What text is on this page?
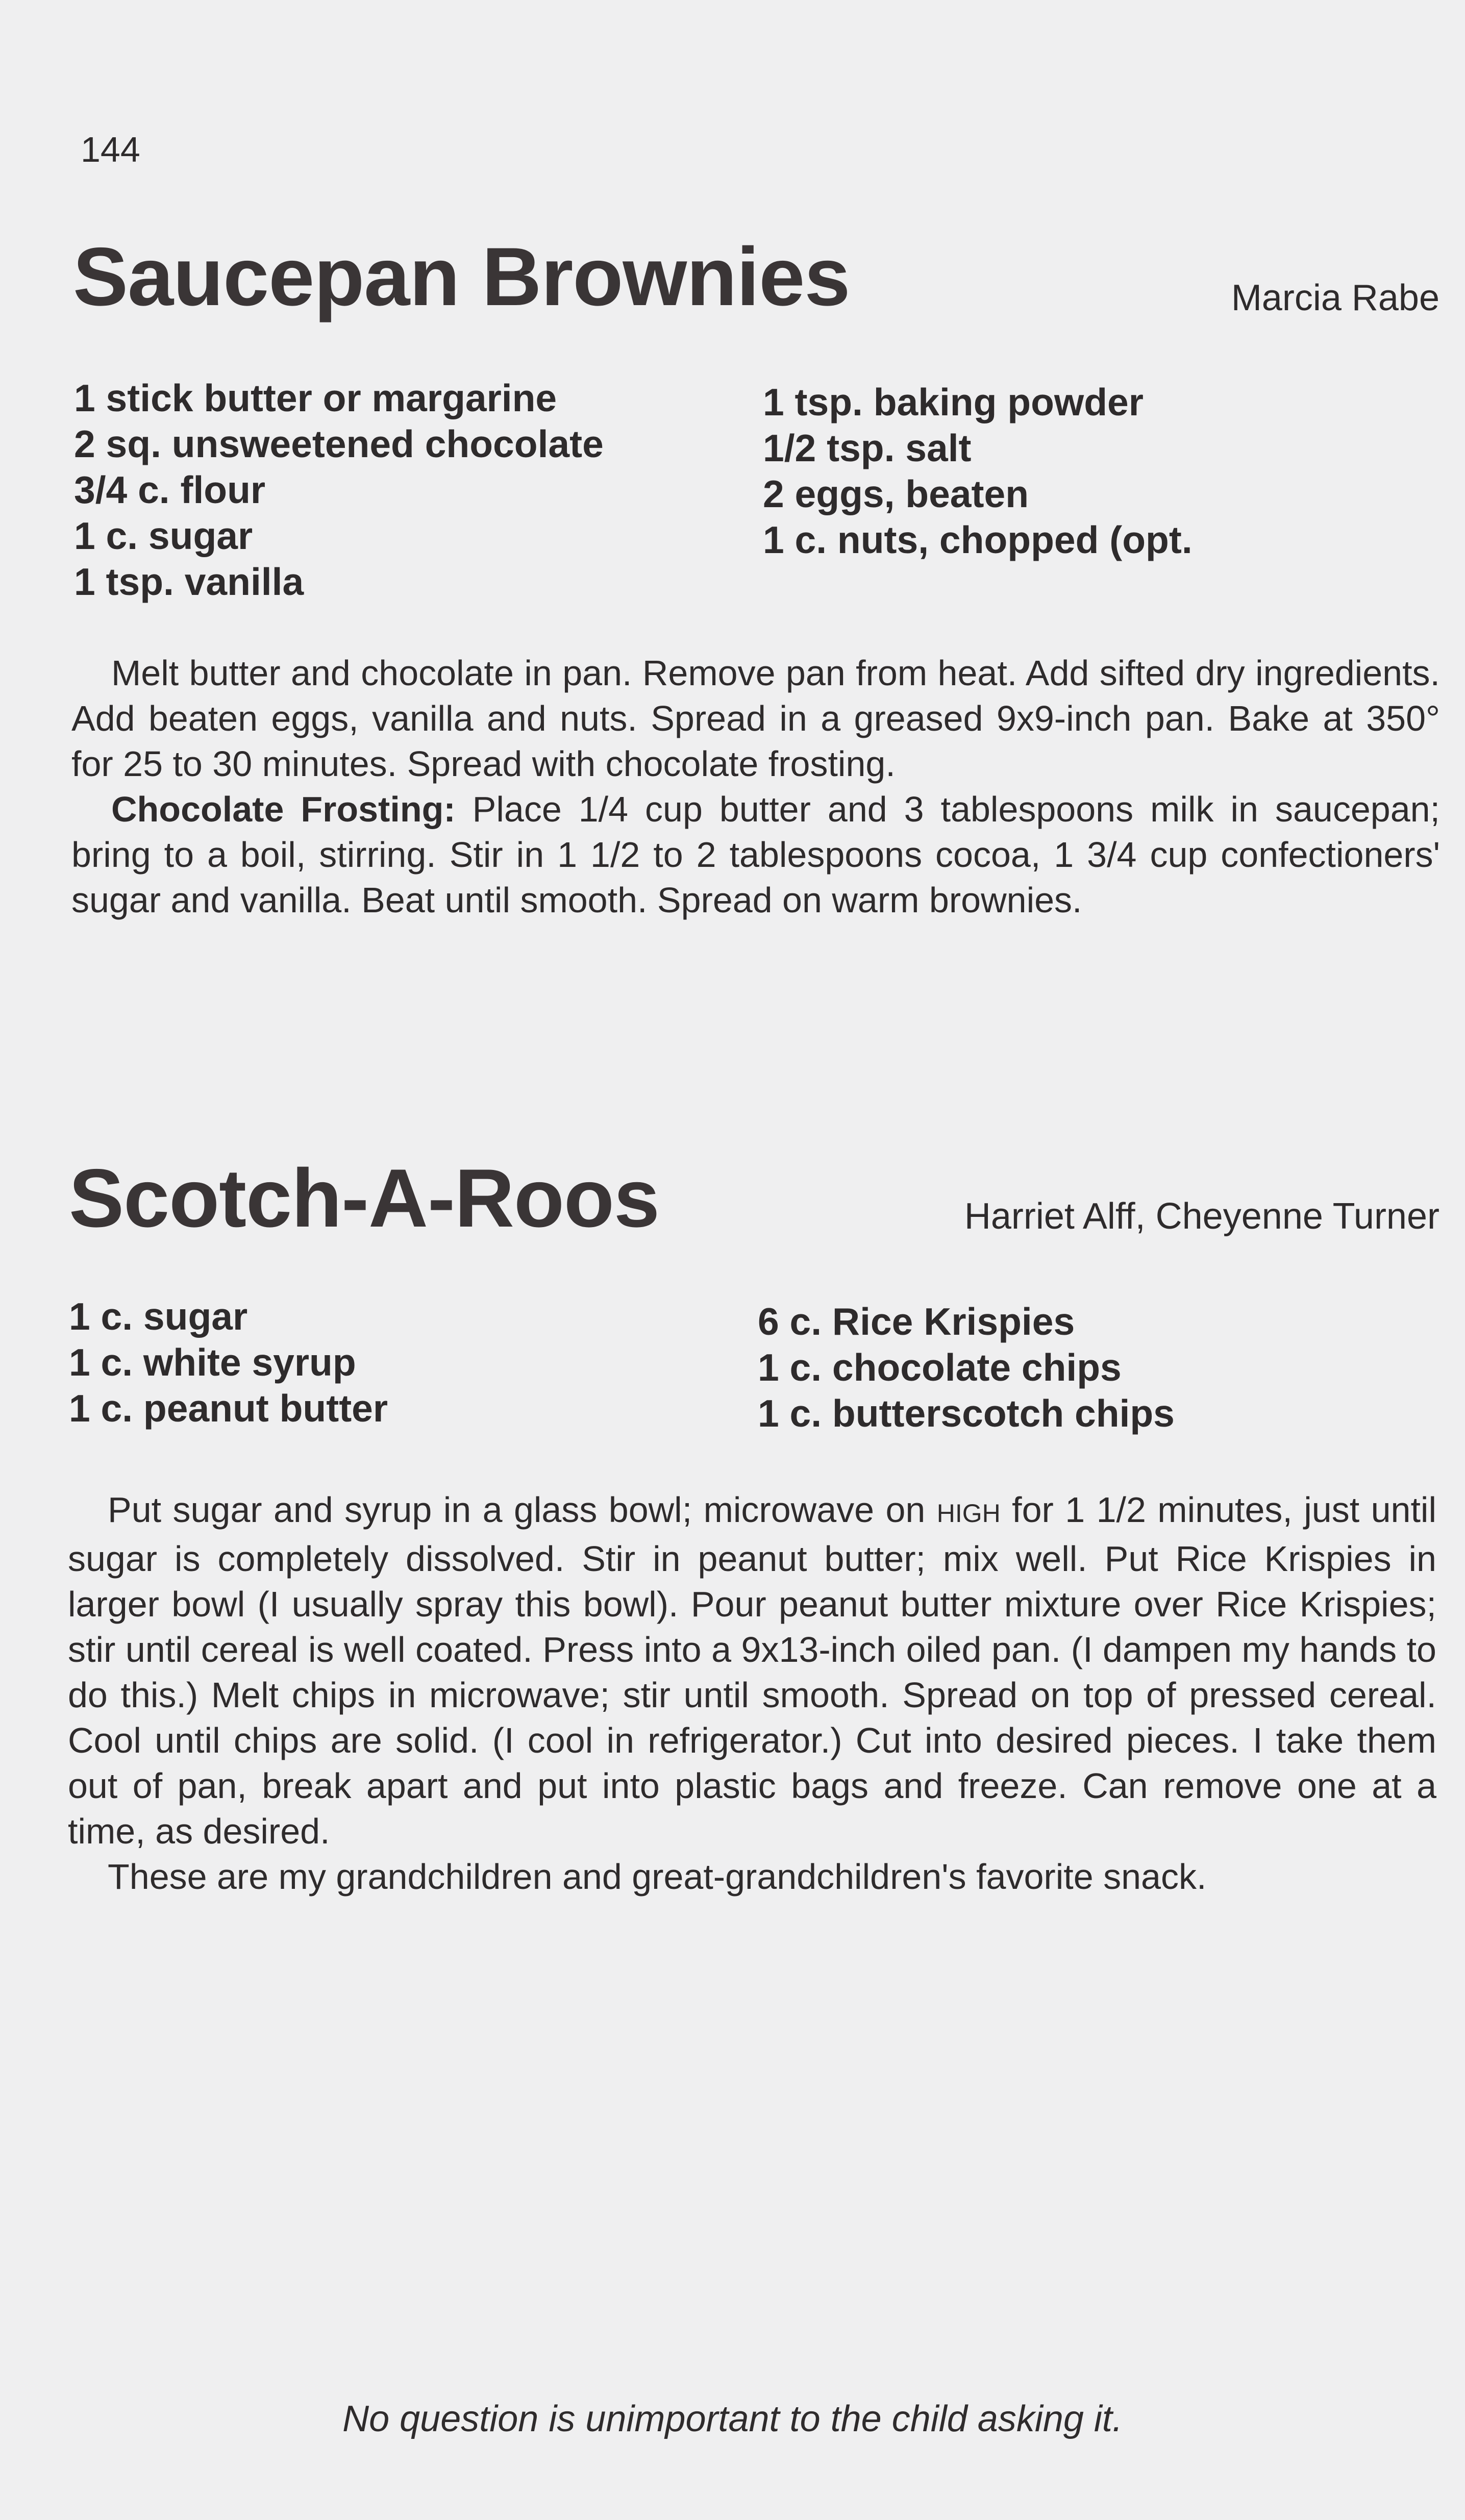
144
Saucepan Brownies	Marcia Rabe
1 stick butter or margarine
2 sq. unsweetened chocolate
3/4 c. flour
1 c. sugar
1 tsp. vanilla
1 tsp. baking powder
1/2 tsp. salt
2 eggs, beaten
1 c. nuts, chopped (opt.

Melt butter and chocolate in pan. Remove pan from heat. Add sifted dry ingredients. Add beaten eggs, vanilla and nuts. Spread in a greased 9x9-inch pan. Bake at 350° for 25 to 30 minutes. Spread with chocolate frosting.

Chocolate Frosting: Place 1/4 cup butter and 3 tablespoons milk in saucepan; bring to a boil, stirring. Stir in 1 1/2 to 2 tablespoons cocoa, 1 3/4 cup confectioners' sugar and vanilla. Beat until smooth. Spread on warm brownies.

Scotch-A-Roos	Harriet Alff, Cheyenne Turner
1 c. sugar
1 c. white syrup
1 c. peanut butter
6 c. Rice Krispies
1 c. chocolate chips
1 c. butterscotch chips

Put sugar and syrup in a glass bowl; microwave on HIGH for 1 1/2 minutes, just until sugar is completely dissolved. Stir in peanut butter; mix well. Put Rice Krispies in larger bowl (I usually spray this bowl). Pour peanut butter mixture over Rice Krispies; stir until cereal is well coated. Press into a 9x13-inch oiled pan. (I dampen my hands to do this.) Melt chips in microwave; stir until smooth. Spread on top of pressed cereal. Cool until chips are solid. (I cool in refrigerator.) Cut into desired pieces. I take them out of pan, break apart and put into plastic bags and freeze. Can remove one at a time, as desired.

These are my grandchildren and great-grandchildren's favorite snack.

No question is unimportant to the child asking it.
